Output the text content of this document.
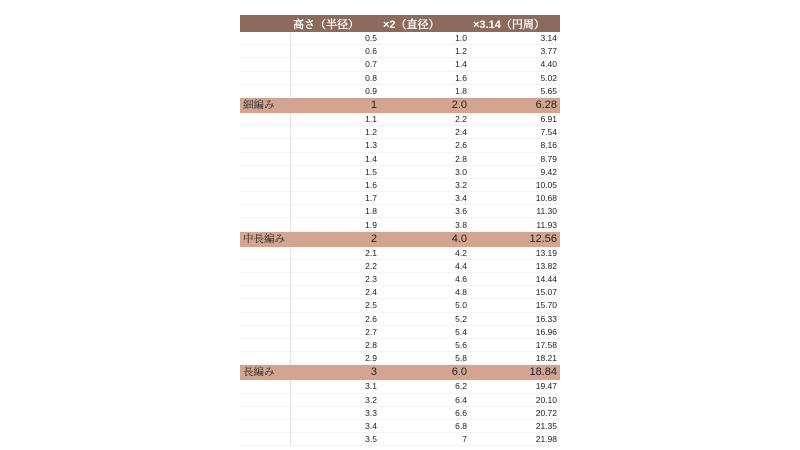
	高さ（半径）	×2（直径）	×3.14（円周）
	0.5	1.0	3.14
	0.6	1.2	3.77
	0.7	1.4	4.40
	0.8	1.6	5.02
	0.9	1.8	5.65
細編み	1	2.0	6.28
	1.1	2.2	6.91
	1.2	2.4	7.54
	1.3	2.6	8.16
	1.4	2.8	8.79
	1.5	3.0	9.42
	1.6	3.2	10.05
	1.7	3.4	10.68
	1.8	3.6	11.30
	1.9	3.8	11.93
中長編み	2	4.0	12.56
	2.1	4.2	13.19
	2.2	4.4	13.82
	2.3	4.6	14.44
	2.4	4.8	15.07
	2.5	5.0	15.70
	2.6	5.2	16.33
	2.7	5.4	16.96
	2.8	5.6	17.58
	2.9	5.8	18.21
長編み	3	6.0	18.84
	3.1	6.2	19.47
	3.2	6.4	20.10
	3.3	6.6	20.72
	3.4	6.8	21.35
	3.5	7	21.98
